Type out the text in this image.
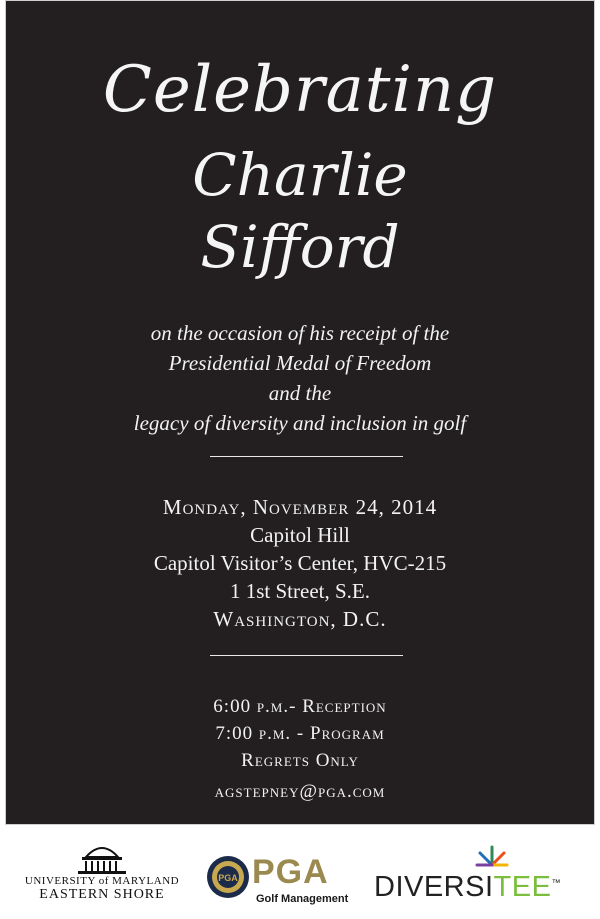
Celebrating
Charlie
Sifford
on the occasion of his receipt of the
Presidential Medal of Freedom
and the
legacy of diversity and inclusion in golf
Monday, November 24, 2014
Capitol Hill
Capitol Visitor’s Center, HVC-215
1 1st Street, S.E.
Washington, D.C.
6:00 p.m.- Reception
7:00 p.m. - Program
Regrets Only
agstepney@pga.com
UNIVERSITY of MARYLAND
EASTERN SHORE
PGA PGA
Golf Management DIVERSITEE™
